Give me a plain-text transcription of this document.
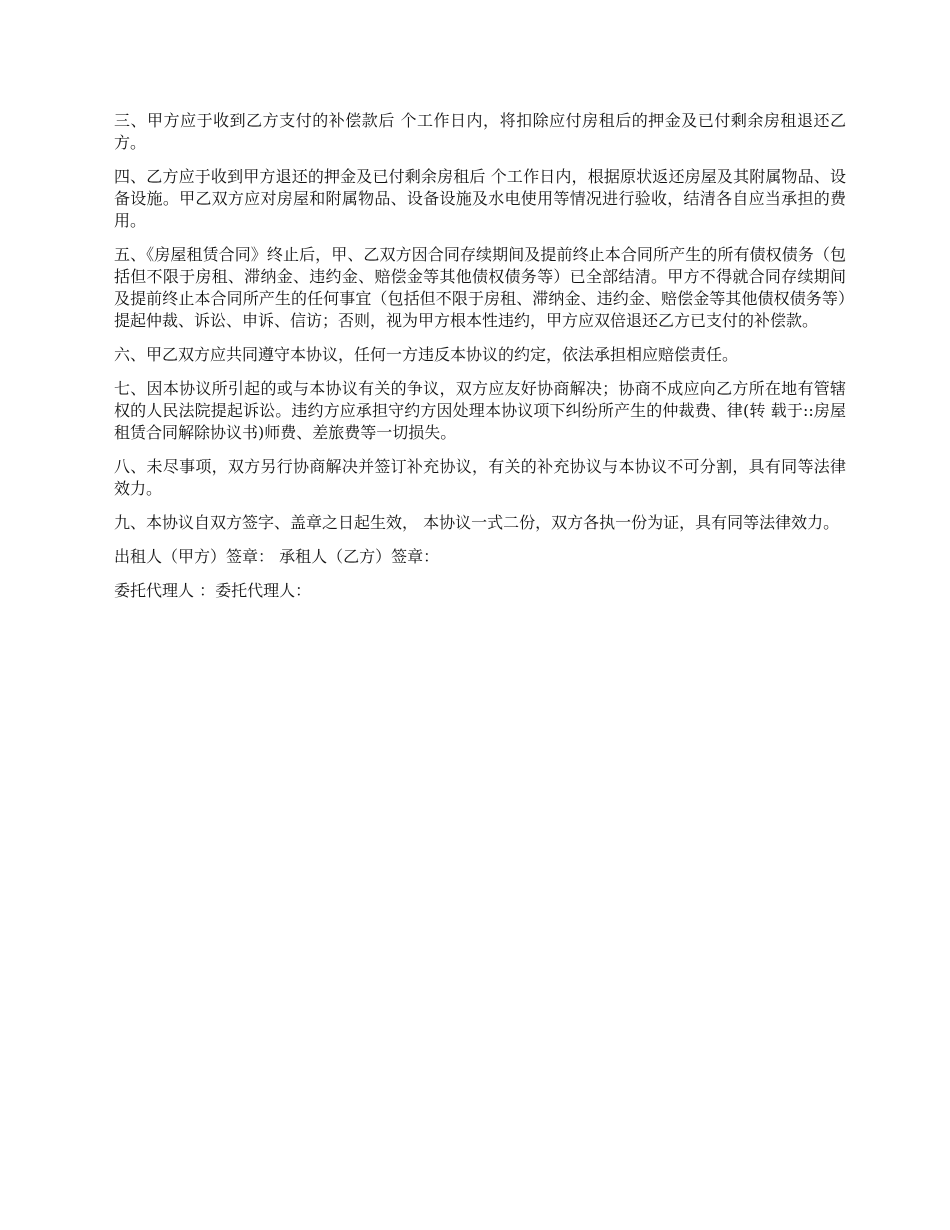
三、甲方应于收到乙方支付的补偿款后 个工作日内，将扣除应付房租后的押金及已付剩余房租退还乙方。

四、乙方应于收到甲方退还的押金及已付剩余房租后 个工作日内，根据原状返还房屋及其附属物品、设备设施。甲乙双方应对房屋和附属物品、设备设施及水电使用等情况进行验收，结清各自应当承担的费用。

五、《房屋租赁合同》终止后，甲、乙双方因合同存续期间及提前终止本合同所产生的所有债权债务（包括但不限于房租、滞纳金、违约金、赔偿金等其他债权债务等）已全部结清。甲方不得就合同存续期间及提前终止本合同所产生的任何事宜（包括但不限于房租、滞纳金、违约金、赔偿金等其他债权债务等）提起仲裁、诉讼、申诉、信访；否则，视为甲方根本性违约，甲方应双倍退还乙方已支付的补偿款。

六、甲乙双方应共同遵守本协议，任何一方违反本协议的约定，依法承担相应赔偿责任。

七、因本协议所引起的或与本协议有关的争议，双方应友好协商解决；协商不成应向乙方所在地有管辖权的人民法院提起诉讼。违约方应承担守约方因处理本协议项下纠纷所产生的仲裁费、律(转 载于:​:房屋租赁合同解除协议书)师费、差旅费等一切损失。

八、未尽事项，双方另行协商解决并签订补充协议，有关的补充协议与本协议不可分割，具有同等法律效力。

九、本协议自双方签字、盖章之日起生效， 本协议一式二份，双方各执一份为证，具有同等法律效力。

出租人（甲方）签章： 承租人（乙方）签章：

委托代理人 ：委托代理人：
